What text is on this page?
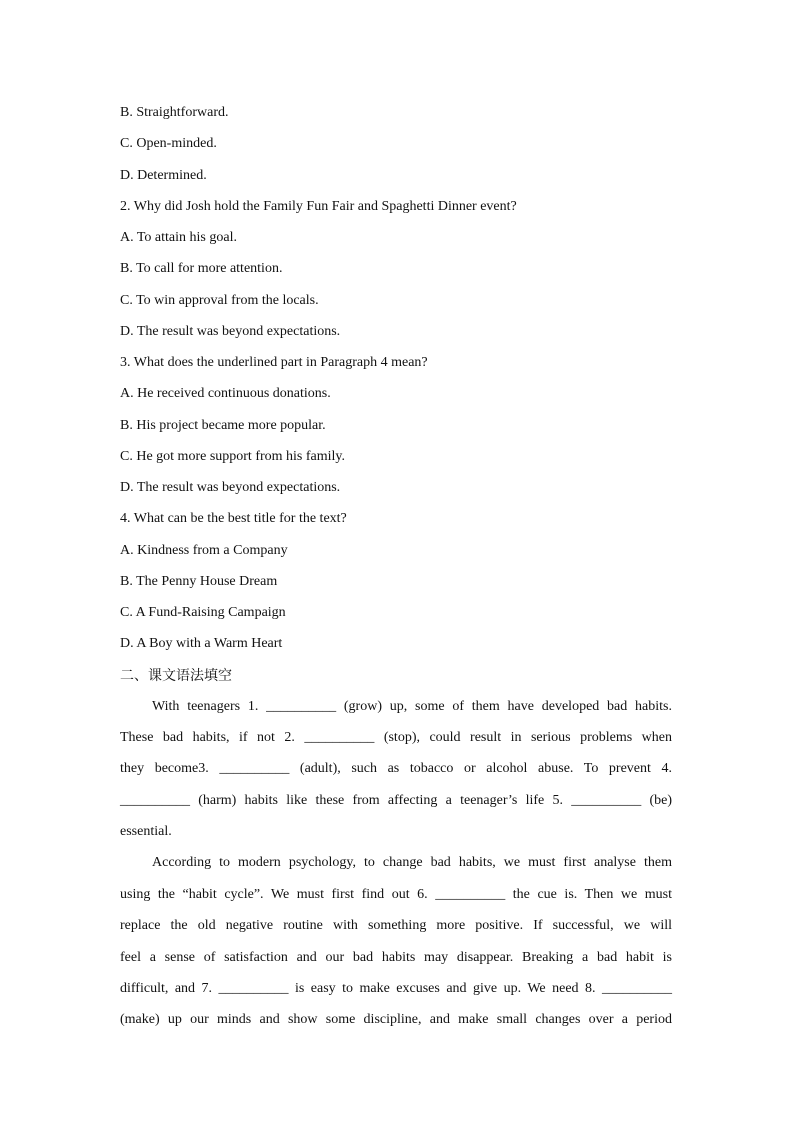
B. Straightforward.
C. Open-minded.
D. Determined.
2. Why did Josh hold the Family Fun Fair and Spaghetti Dinner event?
A. To attain his goal.
B. To call for more attention.
C. To win approval from the locals.
D. The result was beyond expectations.
3. What does the underlined part in Paragraph 4 mean?
A. He received continuous donations.
B. His project became more popular.
C. He got more support from his family.
D. The result was beyond expectations.
4. What can be the best title for the text?
A. Kindness from a Company
B. The Penny House Dream
C. A Fund-Raising Campaign
D. A Boy with a Warm Heart
二、课文语法填空
With teenagers 1. __________ (grow) up, some of them have developed bad habits.
These bad habits, if not 2. __________ (stop), could result in serious problems when
they become3. __________ (adult), such as tobacco or alcohol abuse. To prevent 4.
__________ (harm) habits like these from affecting a teenager’s life 5. __________ (be)
essential.
According to modern psychology, to change bad habits, we must first analyse them
using the “habit cycle”. We must first find out 6. __________ the cue is. Then we must
replace the old negative routine with something more positive. If successful, we will
feel a sense of satisfaction and our bad habits may disappear. Breaking a bad habit is
difficult, and 7. __________ is easy to make excuses and give up. We need 8. __________
(make) up our minds and show some discipline, and make small changes over a period
